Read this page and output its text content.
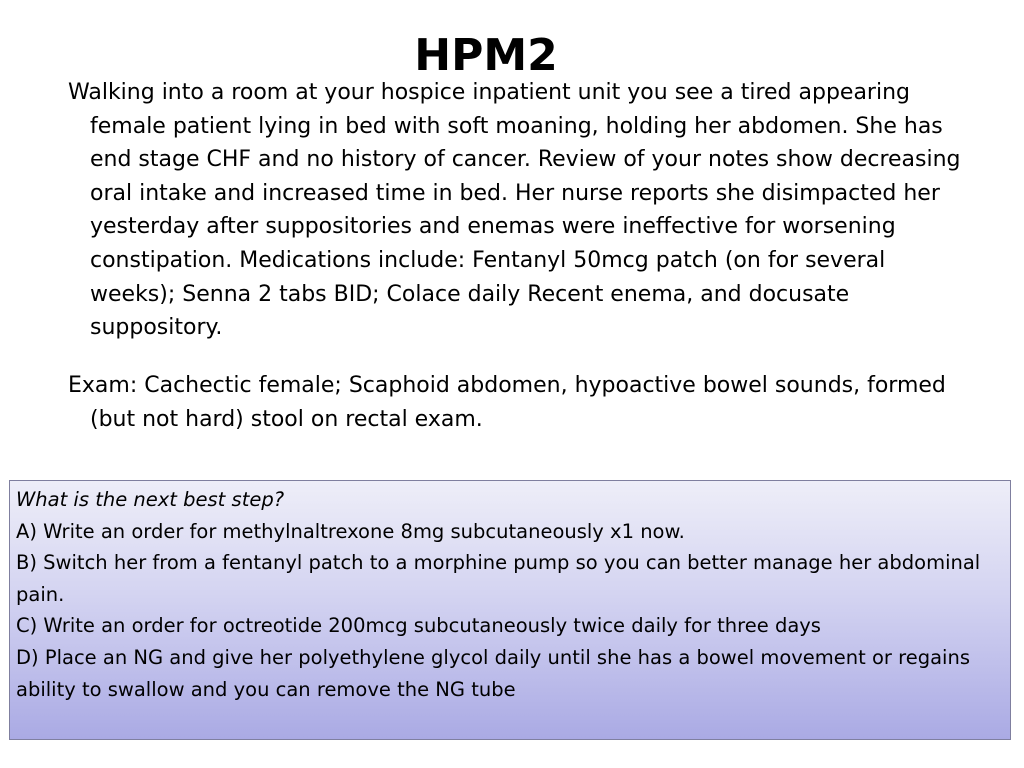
HPM2

Walking into a room at your hospice inpatient unit you see a tired appearing female patient lying in bed with soft moaning, holding her abdomen. She has end stage CHF and no history of cancer. Review of your notes show decreasing oral intake and increased time in bed. Her nurse reports she disimpacted her yesterday after suppositories and enemas were ineffective for worsening constipation. Medications include: Fentanyl 50mcg patch (on for several weeks); Senna 2 tabs BID; Colace daily Recent enema, and docusate suppository.

Exam: Cachectic female; Scaphoid abdomen, hypoactive bowel sounds, formed (but not hard) stool on rectal exam.

What is the next best step?
A) Write an order for methylnaltrexone 8mg subcutaneously x1 now.
B) Switch her from a fentanyl patch to a morphine pump so you can better manage her abdominal pain.
C) Write an order for octreotide 200mcg subcutaneously twice daily for three days
D) Place an NG and give her polyethylene glycol daily until she has a bowel movement or regains ability to swallow and you can remove the NG tube
